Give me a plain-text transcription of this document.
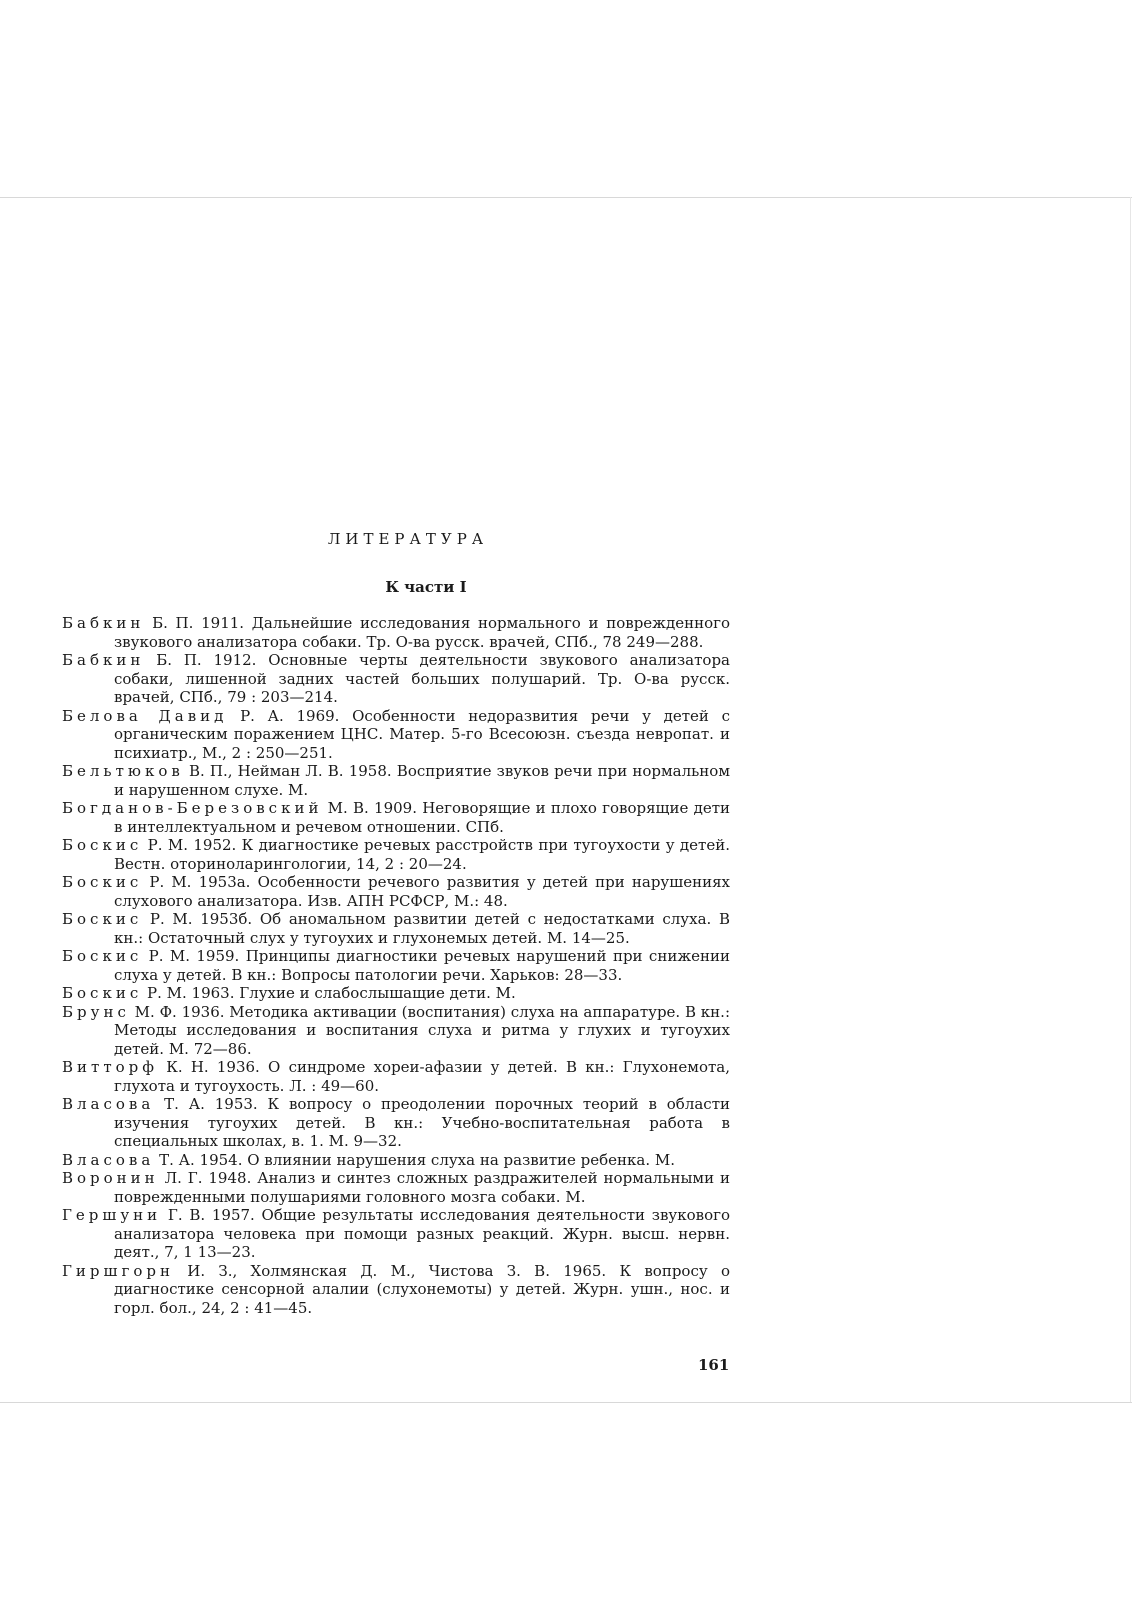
ЛИТЕРАТУРА
К части I

Бабкин Б. П. 1911. Дальнейшие исследования нормального и поврежденного звукового анализатора собаки. Тр. О-ва русск. врачей, СПб., 78 249—288.

Бабкин Б. П. 1912. Основные черты деятельности звукового анализатора собаки, лишенной задних частей больших полушарий. Тр. О-ва русск. врачей, СПб., 79 : 203—214.

Белова Давид Р. А. 1969. Особенности недоразвития речи у детей с органическим поражением ЦНС. Матер. 5-го Всесоюзн. съезда невропат. и психиатр., М., 2 : 250—251.

Бельтюков В. П., Нейман Л. В. 1958. Восприятие звуков речи при нормальном и нарушенном слухе. М.

Богданов-Березовский М. В. 1909. Неговорящие и плохо говорящие дети в интеллектуальном и речевом отношении. СПб.

Боскис Р. М. 1952. К диагностике речевых расстройств при тугоухости у детей. Вестн. оториноларингологии, 14, 2 : 20—24.

Боскис Р. М. 1953а. Особенности речевого развития у детей при нарушениях слухового анализатора. Изв. АПН РСФСР, М.: 48.

Боскис Р. М. 1953б. Об аномальном развитии детей с недостатками слуха. В кн.: Остаточный слух у тугоухих и глухонемых детей. М. 14—25.

Боскис Р. М. 1959. Принципы диагностики речевых нарушений при снижении слуха у детей. В кн.: Вопросы патологии речи. Харьков: 28—33.

Боскис Р. М. 1963. Глухие и слабослышащие дети. М.

Брунс М. Ф. 1936. Методика активации (воспитания) слуха на аппаратуре. В кн.: Методы исследования и воспитания слуха и ритма у глухих и тугоухих детей. М. 72—86.

Витторф К. Н. 1936. О синдроме хореи-афазии у детей. В кн.: Глухонемота, глухота и тугоухость. Л. : 49—60.

Власова Т. А. 1953. К вопросу о преодолении порочных теорий в области изучения тугоухих детей. В кн.: Учебно-воспитательная работа в специальных школах, в. 1. М. 9—32.

Власова Т. А. 1954. О влиянии нарушения слуха на развитие ребенка. М.

Воронин Л. Г. 1948. Анализ и синтез сложных раздражителей нормальными и поврежденными полушариями головного мозга собаки. М.

Гершуни Г. В. 1957. Общие результаты исследования деятельности звукового анализатора человека при помощи разных реакций. Журн. высш. нервн. деят., 7, 1 13—23.

Гиршгорн И. З., Холмянская Д. М., Чистова З. В. 1965. К вопросу о диагностике сенсорной алалии (слухонемоты) у детей. Журн. ушн., нос. и горл. бол., 24, 2 : 41—45.

161
